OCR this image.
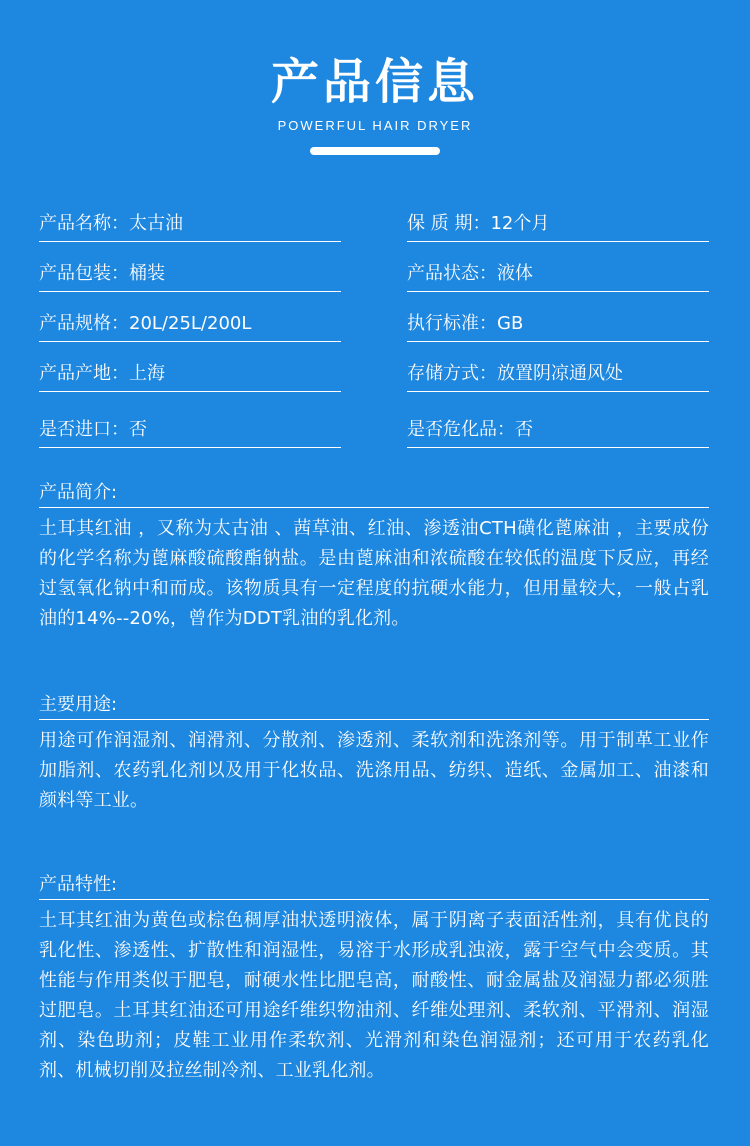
产品信息
POWERFUL HAIR DRYER
产品名称：太古油	保 质 期：12个月
产品包装：桶装	产品状态：液体
产品规格：20L/25L/200L	执行标准：GB
产品产地：上海	存储方式：放置阴凉通风处
是否进口：否	是否危化品：否
产品简介:
土耳其红油 ，又称为太古油 、茜草油、红油、渗透油CTH磺化蓖麻油 ，主要成份的化学名称为蓖麻酸硫酸酯钠盐。是由蓖麻油和浓硫酸在较低的温度下反应，再经过氢氧化钠中和而成。该物质具有一定程度的抗硬水能力，但用量较大，一般占乳油的14%--20%，曾作为DDT乳油的乳化剂。
主要用途:
用途可作润湿剂、润滑剂、分散剂、渗透剂、柔软剂和洗涤剂等。用于制革工业作加脂剂、农药乳化剂以及用于化妆品、洗涤用品、纺织、造纸、金属加工、油漆和颜料等工业。
产品特性:
土耳其红油为黄色或棕色稠厚油状透明液体，属于阴离子表面活性剂，具有优良的乳化性、渗透性、扩散性和润湿性，易溶于水形成乳浊液，露于空气中会变质。其性能与作用类似于肥皂，耐硬水性比肥皂高，耐酸性、耐金属盐及润湿力都必须胜过肥皂。土耳其红油还可用途纤维织物油剂、纤维处理剂、柔软剂、平滑剂、润湿剂、染色助剂；皮鞋工业用作柔软剂、光滑剂和染色润湿剂；还可用于农药乳化剂、机械切削及拉丝制冷剂、工业乳化剂。
